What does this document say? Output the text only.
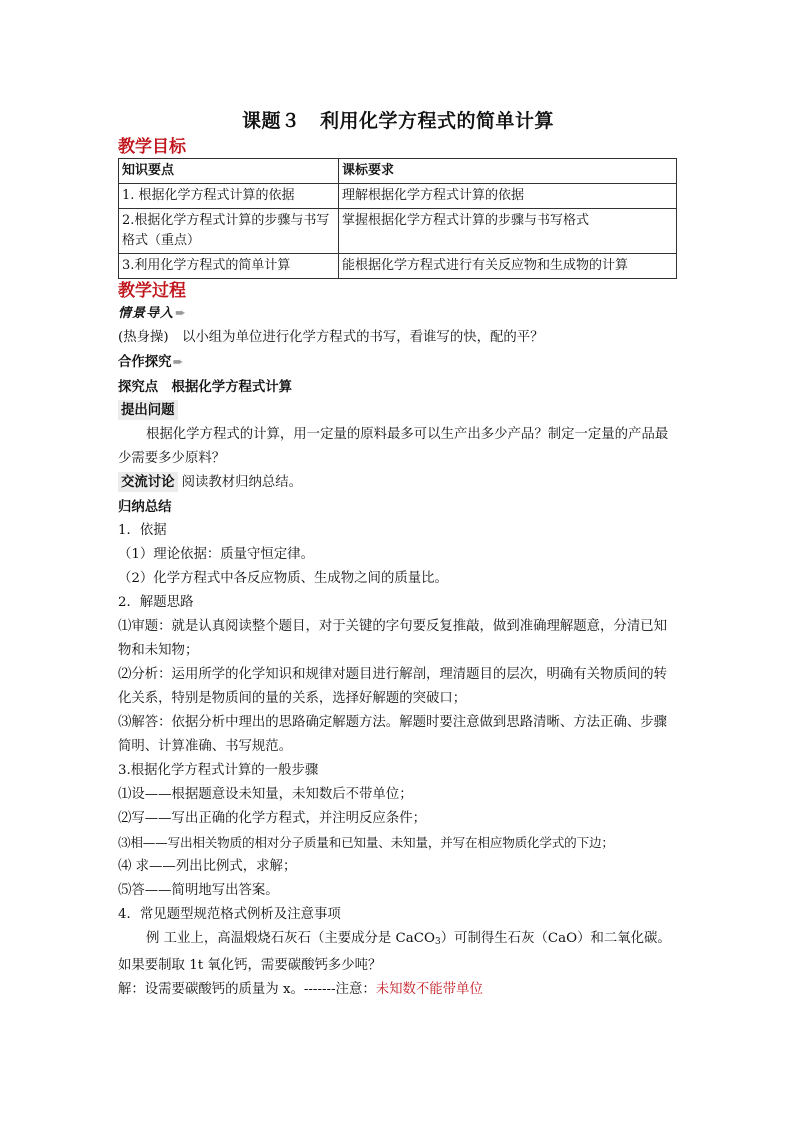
课题３　利用化学方程式的简单计算

教学目标

知识要点	课标要求
1. 根据化学方程式计算的依据	理解根据化学方程式计算的依据
2.根据化学方程式计算的步骤与书写格式（重点）	掌握根据化学方程式计算的步骤与书写格式
3.利用化学方程式的简单计算	能根据化学方程式进行有关反应物和生成物的计算

教学过程

情景导入➨

(热身操)　以小组为单位进行化学方程式的书写，看谁写的快，配的平？

合作探究➨

探究点　根据化学方程式计算

提出问题

根据化学方程式的计算，用一定量的原料最多可以生产出多少产品？制定一定量的产品最少需要多少原料？

交流讨论 阅读教材归纳总结。

归纳总结

1．依据

（1）理论依据：质量守恒定律。

（2）化学方程式中各反应物质、生成物之间的质量比。

2．解题思路

⑴审题：就是认真阅读整个题目，对于关键的字句要反复推敲，做到准确理解题意，分清已知物和未知物；

⑵分析：运用所学的化学知识和规律对题目进行解剖，理清题目的层次，明确有关物质间的转化关系，特别是物质间的量的关系，选择好解题的突破口；

⑶解答：依据分析中理出的思路确定解题方法。解题时要注意做到思路清晰、方法正确、步骤简明、计算准确、书写规范。

3.根据化学方程式计算的一般步骤

⑴设——根据题意设未知量，未知数后不带单位；

⑵写——写出正确的化学方程式，并注明反应条件；

⑶相——写出相关物质的相对分子质量和已知量、未知量，并写在相应物质化学式的下边；

⑷ 求——列出比例式，求解；

⑸答——简明地写出答案。

4．常见题型规范格式例析及注意事项

例 工业上，高温煅烧石灰石（主要成分是 CaCO$_3$）可制得生石灰（CaO）和二氧化碳。如果要制取 1t 氧化钙，需要碳酸钙多少吨？

解：设需要碳酸钙的质量为 x。-------注意：未知数不能带单位
